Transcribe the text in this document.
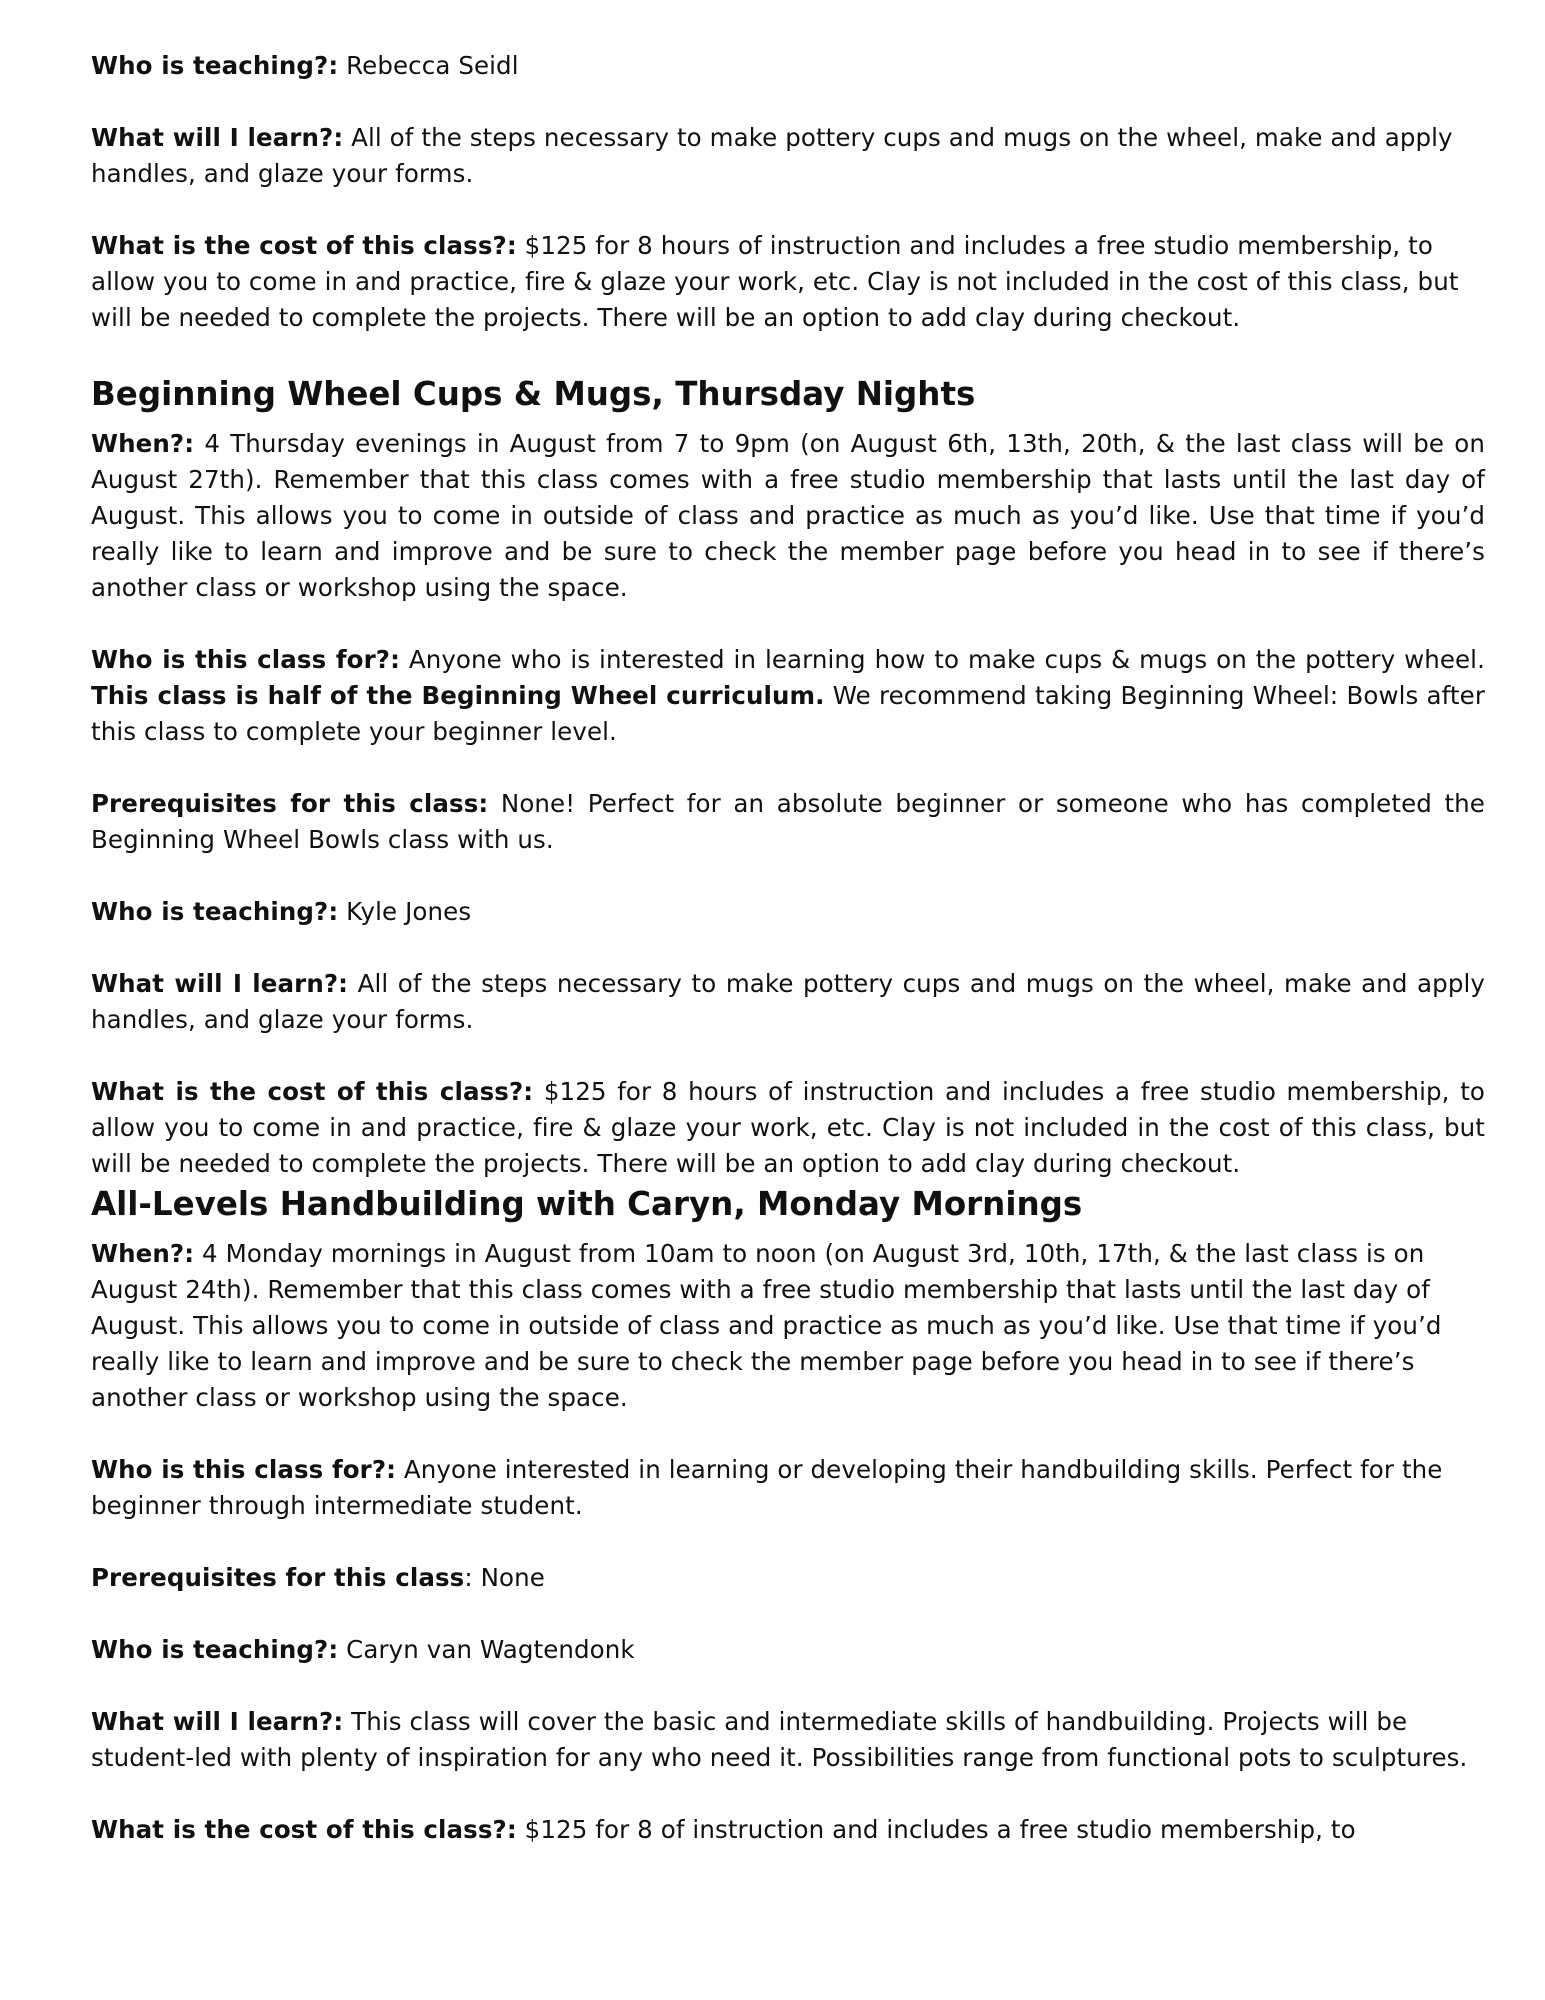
Who is teaching?: Rebecca Seidl

What will I learn?: All of the steps necessary to make pottery cups and mugs on the wheel, make and apply handles, and glaze your forms.

What is the cost of this class?: $125 for 8 hours of instruction and includes a free studio membership, to allow you to come in and practice, fire & glaze your work, etc. Clay is not included in the cost of this class, but will be needed to complete the projects. There will be an option to add clay during checkout.

Beginning Wheel Cups & Mugs, Thursday Nights

When?: 4 Thursday evenings in August from 7 to 9pm (on August 6th, 13th, 20th, & the last class will be on August 27th). Remember that this class comes with a free studio membership that lasts until the last day of August. This allows you to come in outside of class and practice as much as you’d like. Use that time if you’d really like to learn and improve and be sure to check the member page before you head in to see if there’s another class or workshop using the space.

Who is this class for?: Anyone who is interested in learning how to make cups & mugs on the pottery wheel. This class is half of the Beginning Wheel curriculum. We recommend taking Beginning Wheel: Bowls after this class to complete your beginner level.

Prerequisites for this class: None! Perfect for an absolute beginner or someone who has completed the Beginning Wheel Bowls class with us.

Who is teaching?: Kyle Jones

What will I learn?: All of the steps necessary to make pottery cups and mugs on the wheel, make and apply handles, and glaze your forms.

What is the cost of this class?: $125 for 8 hours of instruction and includes a free studio membership, to allow you to come in and practice, fire & glaze your work, etc. Clay is not included in the cost of this class, but will be needed to complete the projects. There will be an option to add clay during checkout.

All-Levels Handbuilding with Caryn, Monday Mornings

When?: 4 Monday mornings in August from 10am to noon (on August 3rd, 10th, 17th, & the last class is on August 24th). Remember that this class comes with a free studio membership that lasts until the last day of August. This allows you to come in outside of class and practice as much as you’d like. Use that time if you’d really like to learn and improve and be sure to check the member page before you head in to see if there’s another class or workshop using the space.

Who is this class for?: Anyone interested in learning or developing their handbuilding skills. Perfect for the beginner through intermediate student.

Prerequisites for this class: None

Who is teaching?: Caryn van Wagtendonk

What will I learn?: This class will cover the basic and intermediate skills of handbuilding. Projects will be student-led with plenty of inspiration for any who need it. Possibilities range from functional pots to sculptures.

What is the cost of this class?: $125 for 8 of instruction and includes a free studio membership, to
